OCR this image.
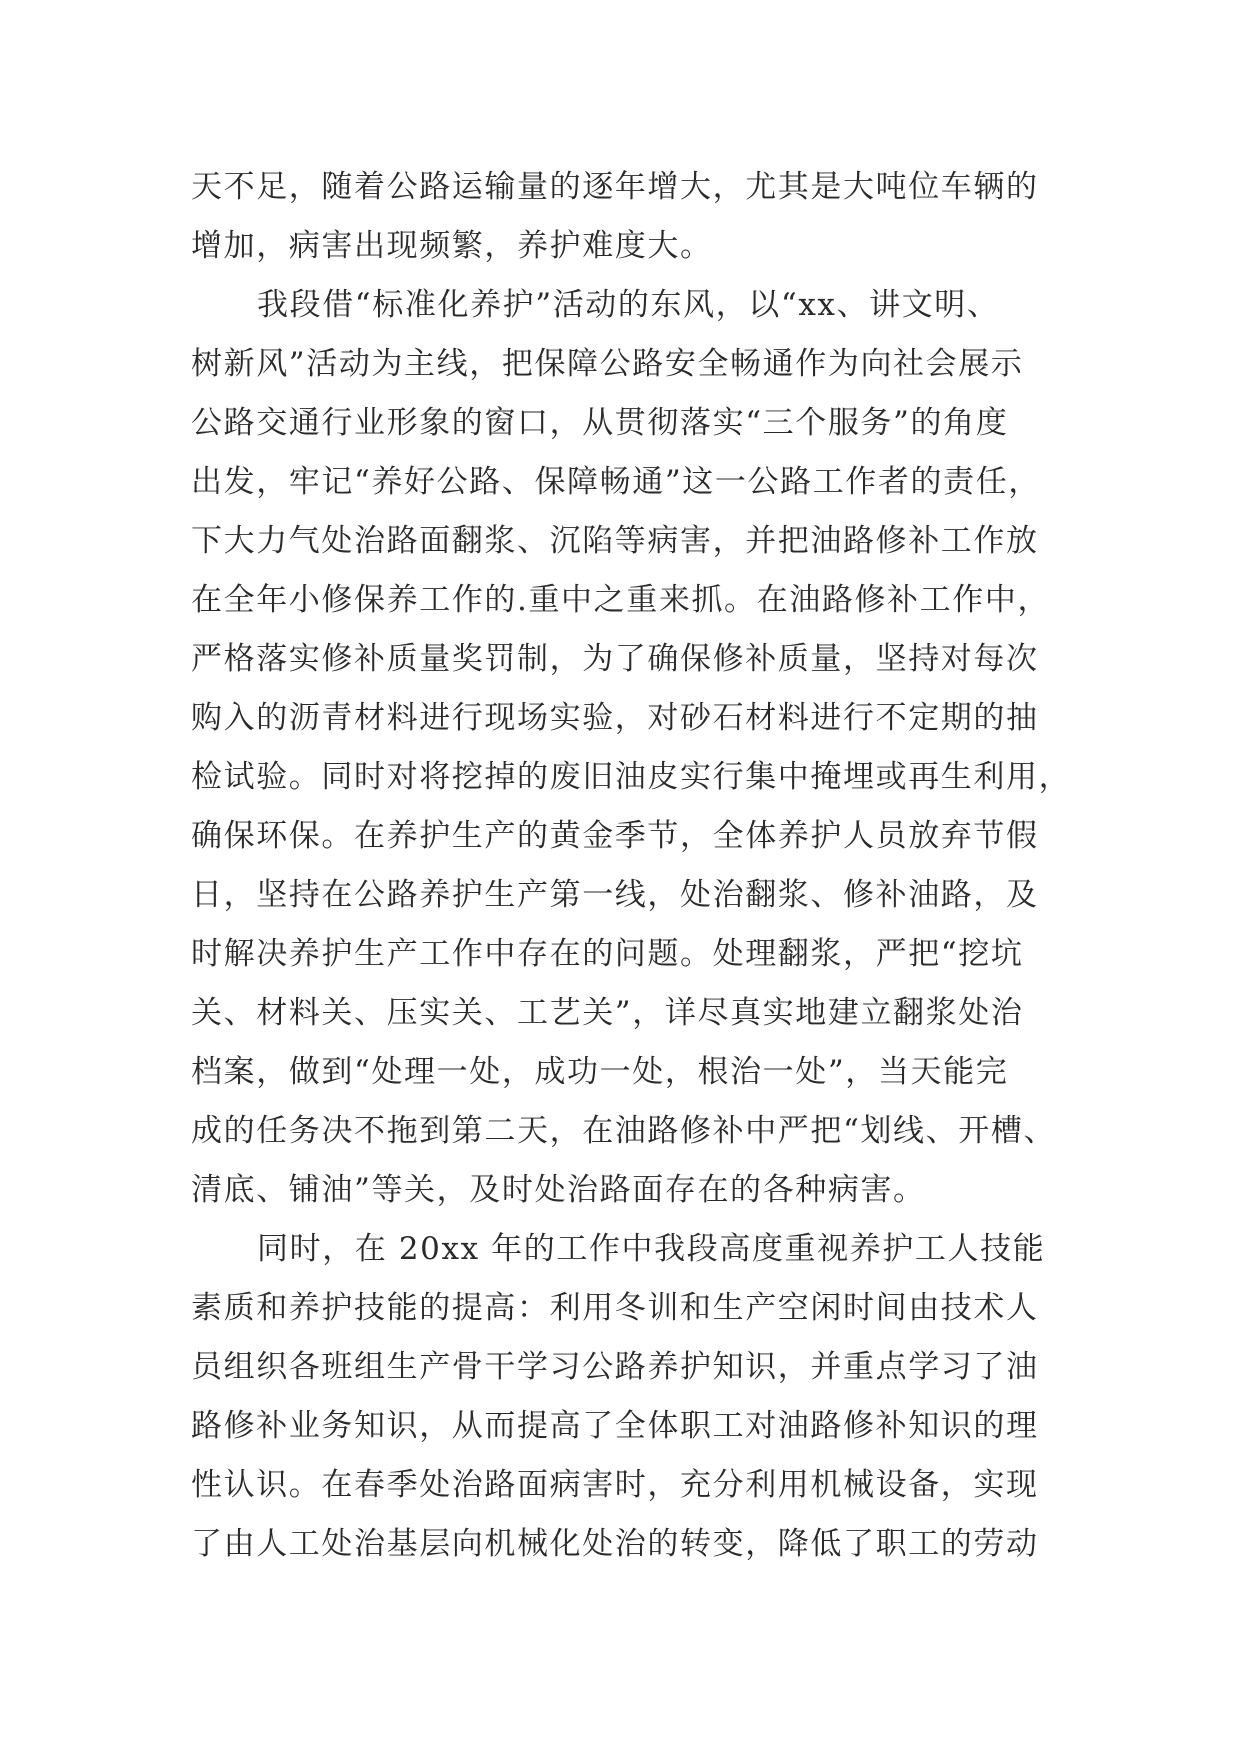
天不足，随着公路运输量的逐年增大，尤其是大吨位车辆的
增加，病害出现频繁，养护难度大。
我段借“标准化养护”活动的东风，以“xx、讲文明、
树新风”活动为主线，把保障公路安全畅通作为向社会展示
公路交通行业形象的窗口，从贯彻落实“三个服务”的角度
出发，牢记“养好公路、保障畅通”这一公路工作者的责任，
下大力气处治路面翻浆、沉陷等病害，并把油路修补工作放
在全年小修保养工作的.重中之重来抓。在油路修补工作中，
严格落实修补质量奖罚制，为了确保修补质量，坚持对每次
购入的沥青材料进行现场实验，对砂石材料进行不定期的抽
检试验。同时对将挖掉的废旧油皮实行集中掩埋或再生利用，
确保环保。在养护生产的黄金季节，全体养护人员放弃节假
日，坚持在公路养护生产第一线，处治翻浆、修补油路，及
时解决养护生产工作中存在的问题。处理翻浆，严把“挖坑
关、材料关、压实关、工艺关”，详尽真实地建立翻浆处治
档案，做到“处理一处，成功一处，根治一处”，当天能完
成的任务决不拖到第二天，在油路修补中严把“划线、开槽、
清底、铺油”等关，及时处治路面存在的各种病害。
同时，在 20xx 年的工作中我段高度重视养护工人技能
素质和养护技能的提高：利用冬训和生产空闲时间由技术人
员组织各班组生产骨干学习公路养护知识，并重点学习了油
路修补业务知识，从而提高了全体职工对油路修补知识的理
性认识。在春季处治路面病害时，充分利用机械设备，实现
了由人工处治基层向机械化处治的转变，降低了职工的劳动
